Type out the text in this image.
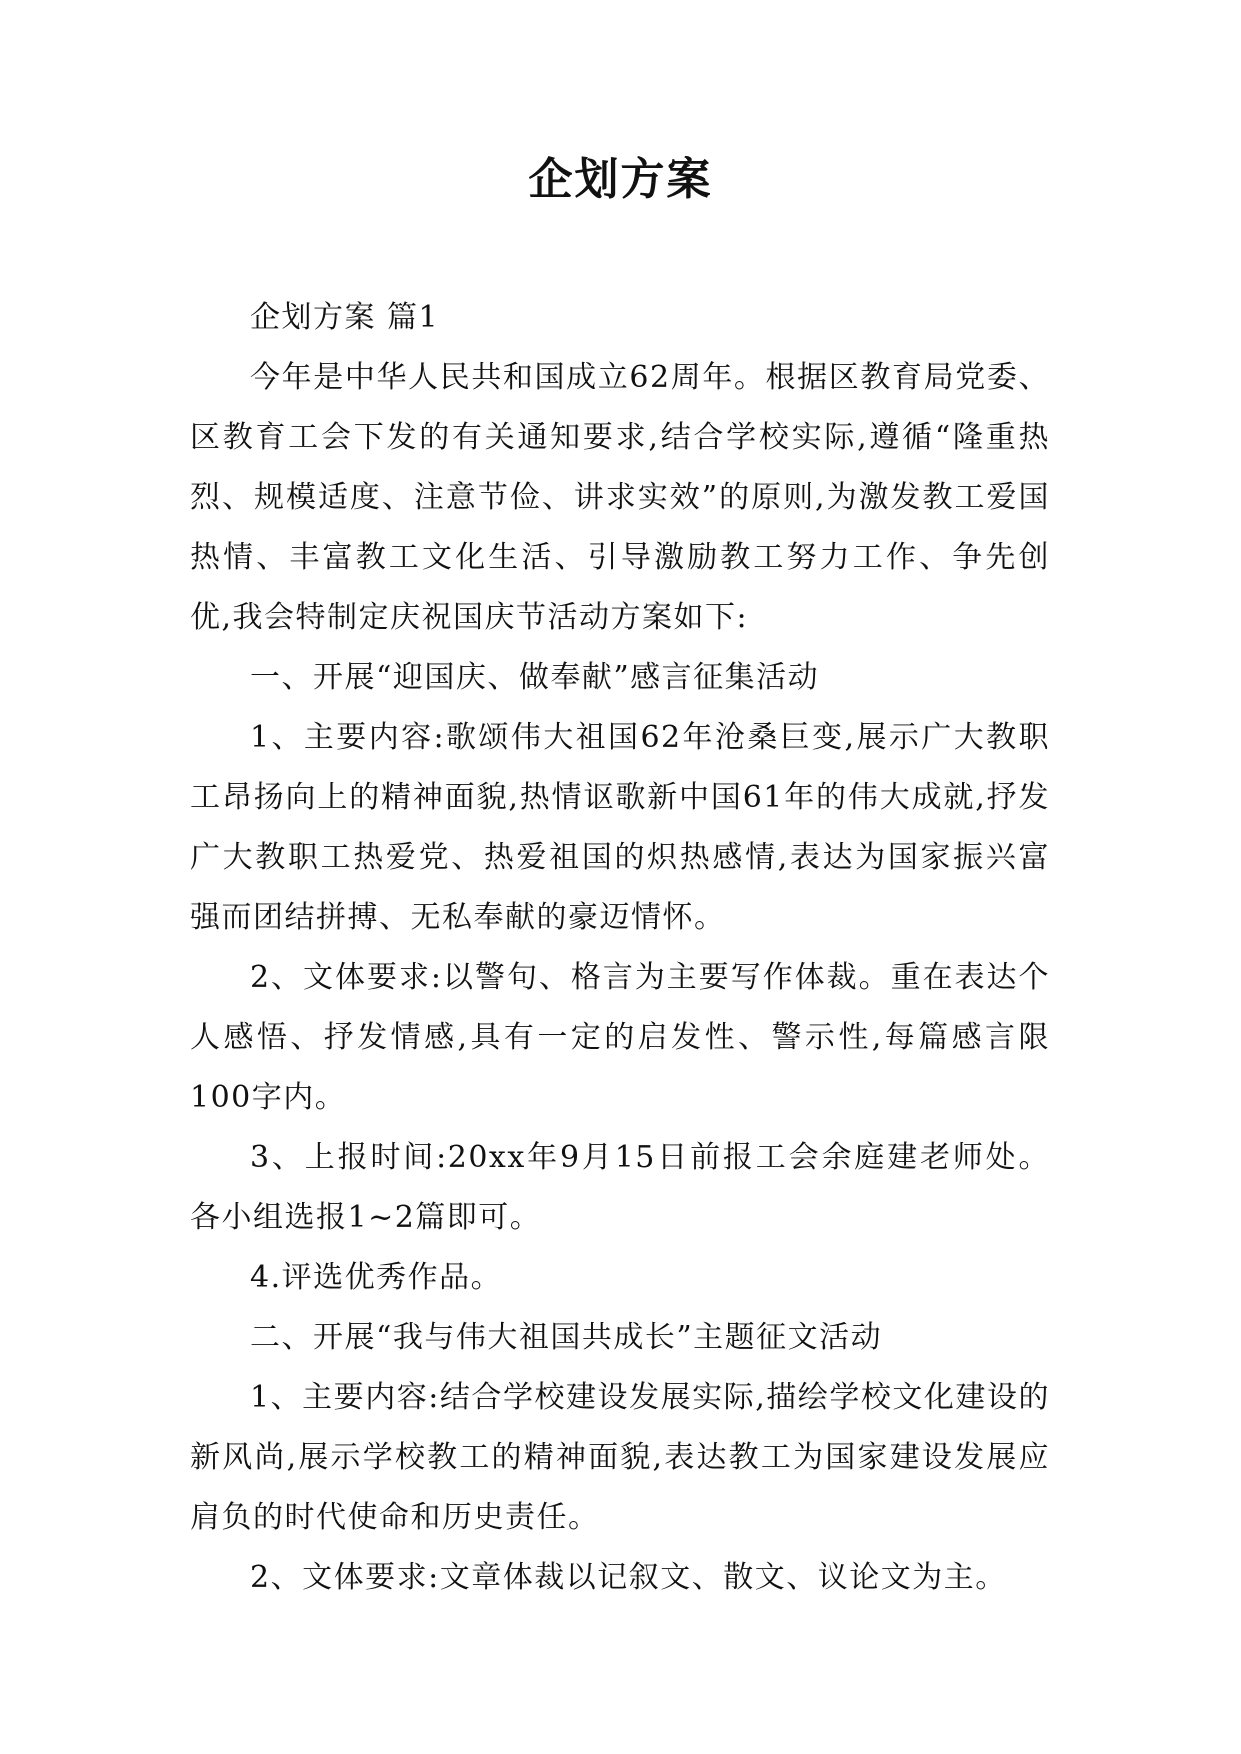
企划方案

企划方案 篇1

今年是中华人民共和国成立62周年。根据区教育局党委、区教育工会下发的有关通知要求,结合学校实际,遵循“隆重热烈、规模适度、注意节俭、讲求实效”的原则,为激发教工爱国热情、丰富教工文化生活、引导激励教工努力工作、争先创优,我会特制定庆祝国庆节活动方案如下:

一、开展“迎国庆、做奉献”感言征集活动

1、主要内容:歌颂伟大祖国62年沧桑巨变,展示广大教职工昂扬向上的精神面貌,热情讴歌新中国61年的伟大成就,抒发广大教职工热爱党、热爱祖国的炽热感情,表达为国家振兴富强而团结拼搏、无私奉献的豪迈情怀。

2、文体要求:以警句、格言为主要写作体裁。重在表达个人感悟、抒发情感,具有一定的启发性、警示性,每篇感言限100字内。

3、上报时间:20xx年9月15日前报工会余庭建老师处。各小组选报1~2篇即可。

4.评选优秀作品。

二、开展“我与伟大祖国共成长”主题征文活动

1、主要内容:结合学校建设发展实际,描绘学校文化建设的新风尚,展示学校教工的精神面貌,表达教工为国家建设发展应肩负的时代使命和历史责任。

2、文体要求:文章体裁以记叙文、散文、议论文为主。
